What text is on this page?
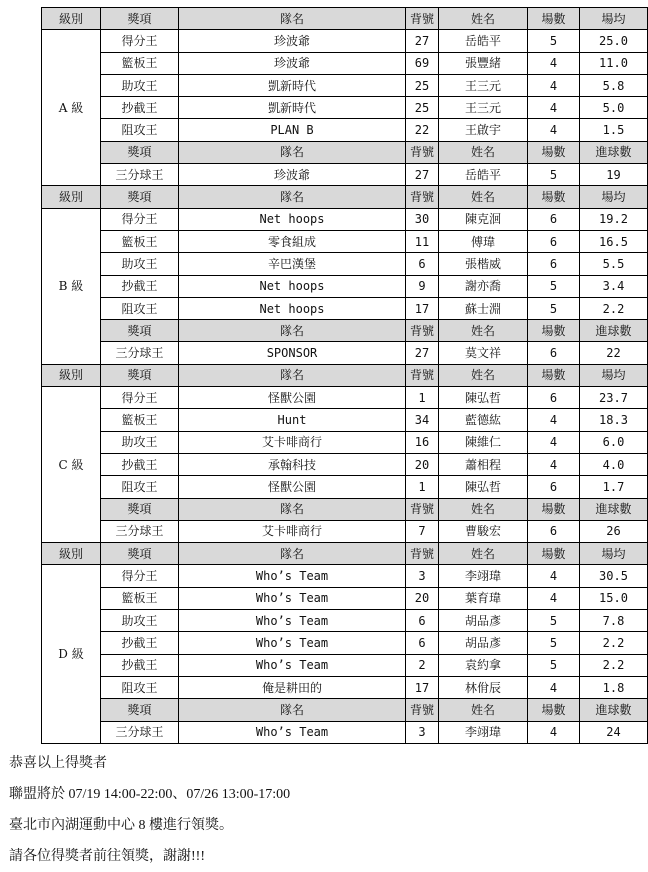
級別	獎項	隊名	背號	姓名	場數	場均
A 級	得分王	珍波爺	27	岳皓平	5	25.0
	籃板王	珍波爺	69	張豐緒	4	11.0
	助攻王	凱新時代	25	王三元	4	5.8
	抄截王	凱新時代	25	王三元	4	5.0
	阻攻王	PLAN B	22	王啟宇	4	1.5
	獎項	隊名	背號	姓名	場數	進球數
	三分球王	珍波爺	27	岳皓平	5	19
級別	獎項	隊名	背號	姓名	場數	場均
B 級	得分王	Net hoops	30	陳克洄	6	19.2
	籃板王	零食組成	11	傅瑋	6	16.5
	助攻王	辛巴漢堡	6	張楷威	6	5.5
	抄截王	Net hoops	9	謝亦喬	5	3.4
	阻攻王	Net hoops	17	蘇士淵	5	2.2
	獎項	隊名	背號	姓名	場數	進球數
	三分球王	SPONSOR	27	莫文祥	6	22
級別	獎項	隊名	背號	姓名	場數	場均
C 級	得分王	怪獸公園	1	陳弘哲	6	23.7
	籃板王	Hunt	34	藍德紘	4	18.3
	助攻王	艾卡啡商行	16	陳維仁	4	6.0
	抄截王	承翰科技	20	蕭相程	4	4.0
	阻攻王	怪獸公園	1	陳弘哲	6	1.7
	獎項	隊名	背號	姓名	場數	進球數
	三分球王	艾卡啡商行	7	曹駿宏	6	26
級別	獎項	隊名	背號	姓名	場數	場均
D 級	得分王	Who’s Team	3	李翊瑋	4	30.5
	籃板王	Who’s Team	20	葉育瑋	4	15.0
	助攻王	Who’s Team	6	胡品彥	5	7.8
	抄截王	Who’s Team	6	胡品彥	5	2.2
	抄截王	Who’s Team	2	袁約拿	5	2.2
	阻攻王	俺是耕田的	17	林佾辰	4	1.8
	獎項	隊名	背號	姓名	場數	進球數
	三分球王	Who’s Team	3	李翊瑋	4	24

恭喜以上得獎者

聯盟將於 07/19 14:00-22:00、07/26 13:00-17:00

臺北市內湖運動中心 8 樓進行領獎。

請各位得獎者前往領獎，謝謝!!!
